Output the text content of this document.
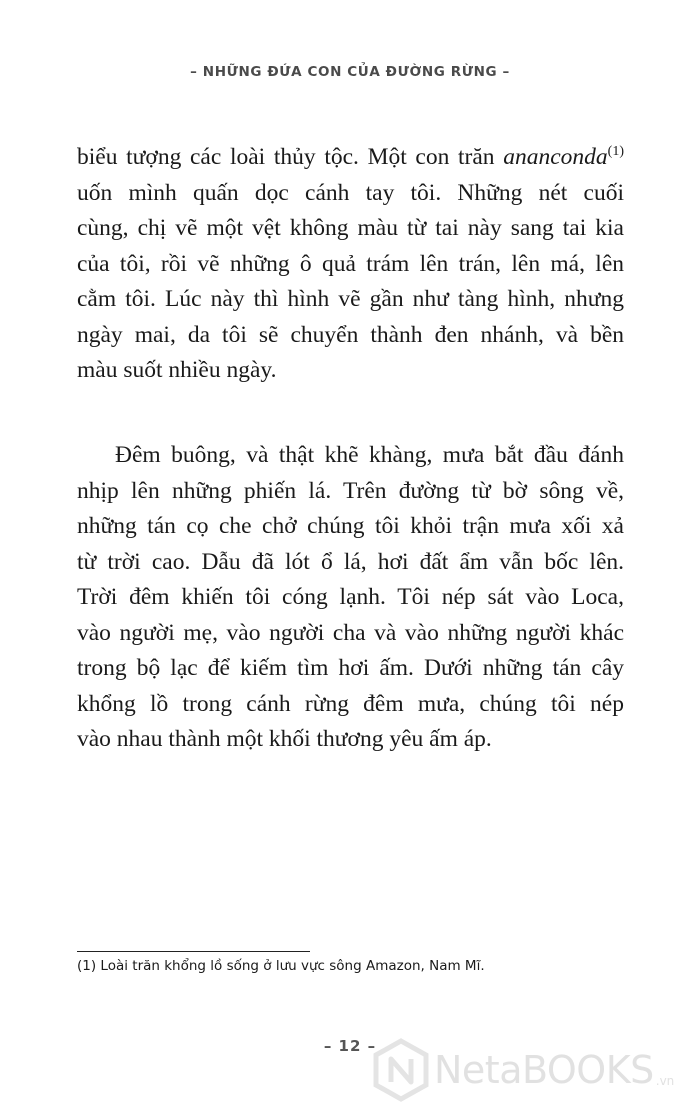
– NHỮNG ĐỨA CON CỦA ĐƯỜNG RỪNG –
biểu tượng các loài thủy tộc. Một con trăn ananconda$^{(1)}$
uốn mình quấn dọc cánh tay tôi. Những nét cuối
cùng, chị vẽ một vệt không màu từ tai này sang tai kia
của tôi, rồi vẽ những ô quả trám lên trán, lên má, lên
cằm tôi. Lúc này thì hình vẽ gần như tàng hình, nhưng
ngày mai, da tôi sẽ chuyển thành đen nhánh, và bền
màu suốt nhiều ngày.
Đêm buông, và thật khẽ khàng, mưa bắt đầu đánh
nhịp lên những phiến lá. Trên đường từ bờ sông về,
những tán cọ che chở chúng tôi khỏi trận mưa xối xả
từ trời cao. Dẫu đã lót ổ lá, hơi đất ẩm vẫn bốc lên.
Trời đêm khiến tôi cóng lạnh. Tôi nép sát vào Loca,
vào người mẹ, vào người cha và vào những người khác
trong bộ lạc để kiếm tìm hơi ấm. Dưới những tán cây
khổng lồ trong cánh rừng đêm mưa, chúng tôi nép
vào nhau thành một khối thương yêu ấm áp.
(1) Loài trăn khổng lồ sống ở lưu vực sông Amazon, Nam Mĩ.
– 12 –
NetaBOOKS .vn
